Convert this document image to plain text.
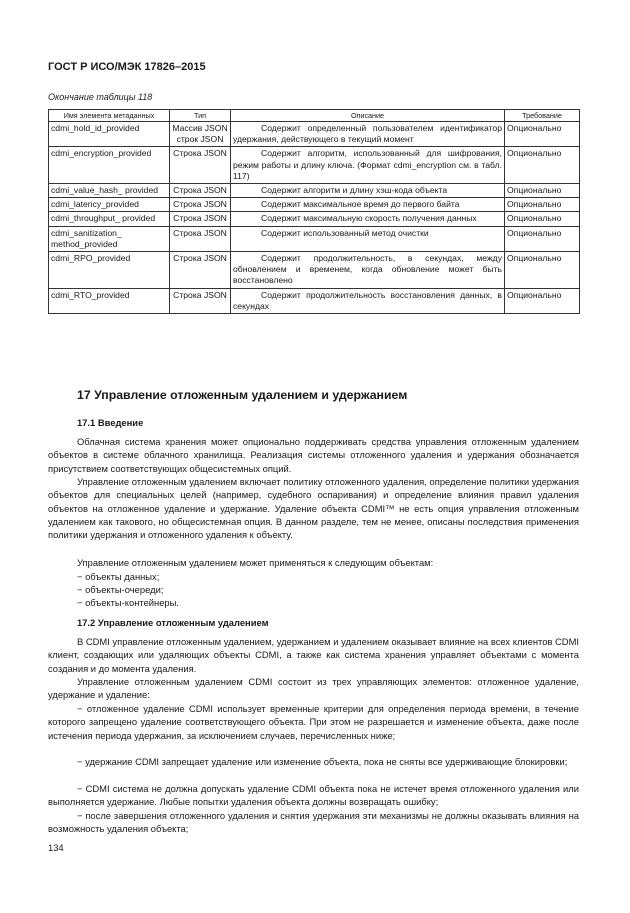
ГОСТ Р ИСО/МЭК 17826–2015
Окончание таблицы 118
Имя элемента метаданных	Тип	Описание	Требование
cdmi_hold_id_provided	Массив JSON строк JSON	Содержит определенный пользователем идентификатор удержания, действующего в текущий момент	Опционально
cdmi_encryption_provided	Строка JSON	Содержит алгоритм, использованный для шифрования, режим работы и длину ключа. (Формат cdmi_encryption см. в табл. 117)	Опционально
cdmi_value_hash_ provided	Строка JSON	Содержит алгоритм и длину хэш-кода объекта	Опционально
cdmi_latency_provided	Строка JSON	Содержит максимальное время до первого байта	Опционально
cdmi_throughput_ provided	Строка JSON	Содержит максимальную скорость получения данных	Опционально
cdmi_sanitization_ method_provided	Строка JSON	Содержит использованный метод очистки	Опционально
cdmi_RPO_provided	Строка JSON	Содержит продолжительность, в секундах, между обновлением и временем, когда обновление может быть восстановлено	Опционально
cdmi_RTO_provided	Строка JSON	Содержит продолжительность восстановления данных, в секундах	Опционально
17 Управление отложенным удалением и удержанием
17.1 Введение

Облачная система хранения может опционально поддерживать средства управления отложенным удалением объектов в системе облачного хранилища. Реализация системы отложенного удаления и удержания обозначается присутствием соответствующих общесистемных опций.

Управление отложенным удалением включает политику отложенного удаления, определение политики удержания объектов для специальных целей (например, судебного оспаривания) и определение влияния правил удаления объектов на отложенное удаление и удержание. Удаление объекта CDMI™ не есть опция управления отложенным удалением как такового, но общесистемная опция. В данном разделе, тем не менее, описаны последствия применения политики удержания и отложенного удаления к объекту.

Управление отложенным удалением может применяться к следующим объектам:

− объекты данных;

− объекты-очереди;

− объекты-контейнеры.

17.2 Управление отложенным удалением

В CDMI управление отложенным удалением, удержанием и удалением оказывает влияние на всех клиентов CDMI клиент, создающих или удаляющих объекты CDMI, а также как система хранения управляет объектами с момента создания и до момента удаления.

Управление отложенным удалением CDMI состоит из трех управляющих элементов: отложенное удаление, удержание и удаление:

− отложенное удаление CDMI использует временные критерии для определения периода времени, в течение которого запрещено удаление соответствующего объекта. При этом не разрешается и изменение объекта, даже после истечения периода удержания, за исключением случаев, перечисленных ниже;

− удержание CDMI запрещает удаление или изменение объекта, пока не сняты все удерживающие блокировки;

− CDMI система не должна допускать удаление CDMI объекта пока не истечет время отложенного удаления или выполняется удержание. Любые попытки удаления объекта должны возвращать ошибку;

− после завершения отложенного удаления и снятия удержания эти механизмы не должны оказывать влияния на возможность удаления объекта;

134
